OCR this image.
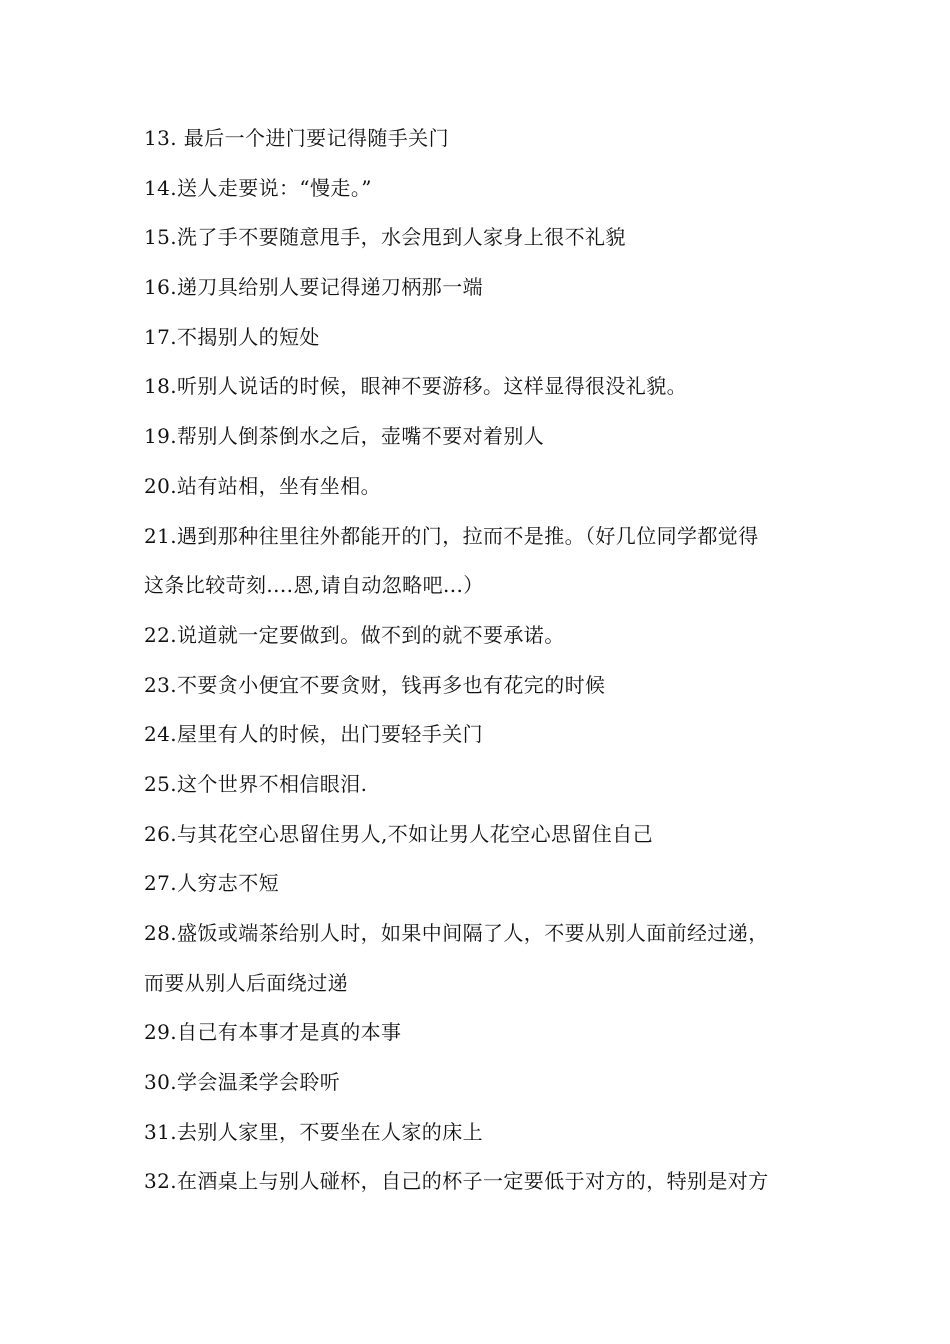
13. 最后一个进门要记得随手关门
14.送人走要说：“慢走。”
15.洗了手不要随意甩手，水会甩到人家身上很不礼貌
16.递刀具给别人要记得递刀柄那一端
17.不揭别人的短处
18.听别人说话的时候，眼神不要游移。这样显得很没礼貌。
19.帮别人倒茶倒水之后，壶嘴不要对着别人
20.站有站相，坐有坐相。
21.遇到那种往里往外都能开的门，拉而不是推。（好几位同学都觉得
这条比较苛刻....恩,请自动忽略吧...）
22.说道就一定要做到。做不到的就不要承诺。
23.不要贪小便宜不要贪财，钱再多也有花完的时候
24.屋里有人的时候，出门要轻手关门
25.这个世界不相信眼泪.
26.与其花空心思留住男人,不如让男人花空心思留住自己
27.人穷志不短
28.盛饭或端茶给别人时，如果中间隔了人，不要从别人面前经过递，
而要从别人后面绕过递
29.自己有本事才是真的本事
30.学会温柔学会聆听
31.去别人家里，不要坐在人家的床上
32.在酒桌上与别人碰杯，自己的杯子一定要低于对方的，特别是对方
